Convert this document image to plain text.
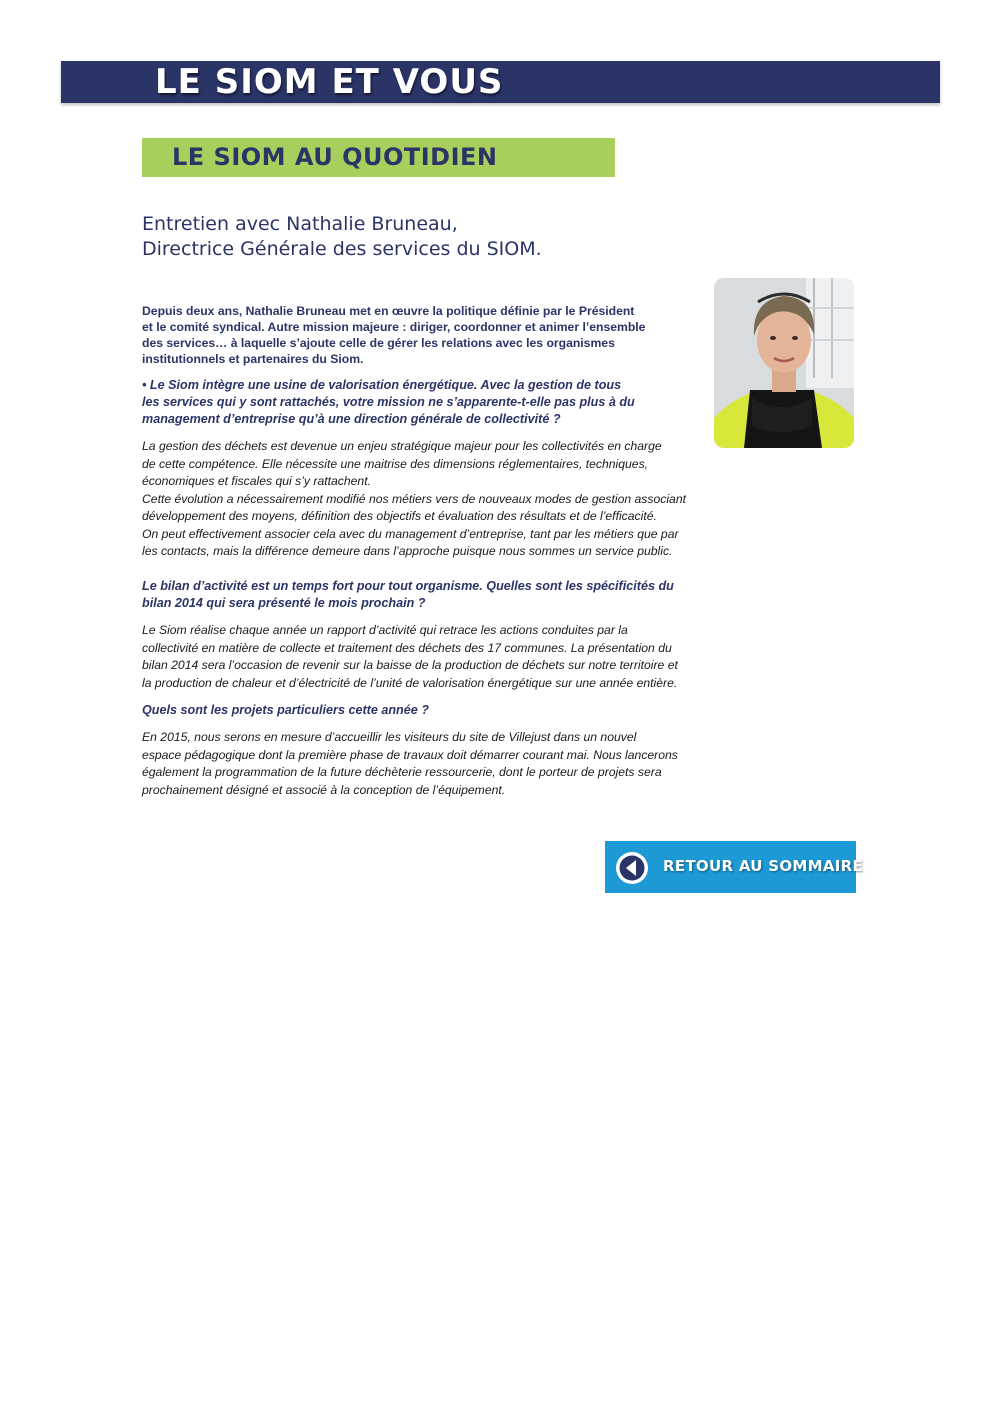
LE SIOM ET VOUS
LE SIOM AU QUOTIDIEN
Entretien avec Nathalie Bruneau,
Directrice Générale des services du SIOM.
Depuis deux ans, Nathalie Bruneau met en œuvre la politique définie par le Président
et le comité syndical. Autre mission majeure : diriger, coordonner et animer l’ensemble
des services… à laquelle s’ajoute celle de gérer les relations avec les organismes
institutionnels et partenaires du Siom.
• Le Siom intègre une usine de valorisation énergétique. Avec la gestion de tous
les services qui y sont rattachés, votre mission ne s’apparente-t-elle pas plus à du
management d’entreprise qu’à une direction générale de collectivité ?
La gestion des déchets est devenue un enjeu stratégique majeur pour les collectivités en charge
de cette compétence. Elle nécessite une maitrise des dimensions réglementaires, techniques,
économiques et fiscales qui s’y rattachent.
Cette évolution a nécessairement modifié nos métiers vers de nouveaux modes de gestion associant
développement des moyens, définition des objectifs et évaluation des résultats et de l’efficacité.
On peut effectivement associer cela avec du management d’entreprise, tant par les métiers que par
les contacts, mais la différence demeure dans l’approche puisque nous sommes un service public.
Le bilan d’activité est un temps fort pour tout organisme. Quelles sont les spécificités du
bilan 2014 qui sera présenté le mois prochain ?
Le Siom réalise chaque année un rapport d’activité qui retrace les actions conduites par la
collectivité en matière de collecte et traitement des déchets des 17 communes. La présentation du
bilan 2014 sera l’occasion de revenir sur la baisse de la production de déchets sur notre territoire et
la production de chaleur et d’électricité de l’unité de valorisation énergétique sur une année entière.
Quels sont les projets particuliers cette année ?
En 2015, nous serons en mesure d’accueillir les visiteurs du site de Villejust dans un nouvel
espace pédagogique dont la première phase de travaux doit démarrer courant mai. Nous lancerons
également la programmation de la future déchèterie ressourcerie, dont le porteur de projets sera
prochainement désigné et associé à la conception de l’équipement.
RETOUR AU SOMMAIRE
